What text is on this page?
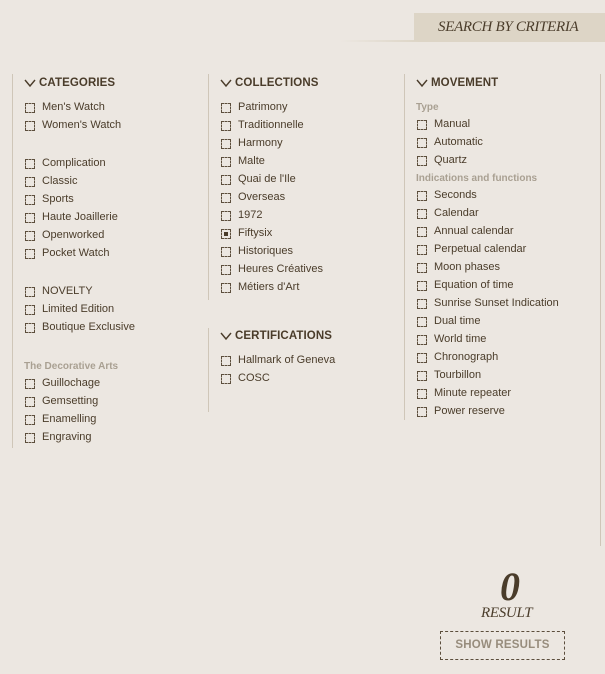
SEARCH BY CRITERIA
CATEGORIES
Men's Watch
Women's Watch
Complication
Classic
Sports
Haute Joaillerie
Openworked
Pocket Watch
NOVELTY
Limited Edition
Boutique Exclusive
The Decorative Arts
Guillochage
Gemsetting
Enamelling
Engraving
COLLECTIONS
Patrimony
Traditionnelle
Harmony
Malte
Quai de l'Ile
Overseas
1972
Fiftysix
Historiques
Heures Créatives
Métiers d'Art
CERTIFICATIONS
Hallmark of Geneva
COSC
MOVEMENT
Type
Manual
Automatic
Quartz
Indications and functions
Seconds
Calendar
Annual calendar
Perpetual calendar
Moon phases
Equation of time
Sunrise Sunset Indication
Dual time
World time
Chronograph
Tourbillon
Minute repeater
Power reserve
0
RESULT
SHOW RESULTS
